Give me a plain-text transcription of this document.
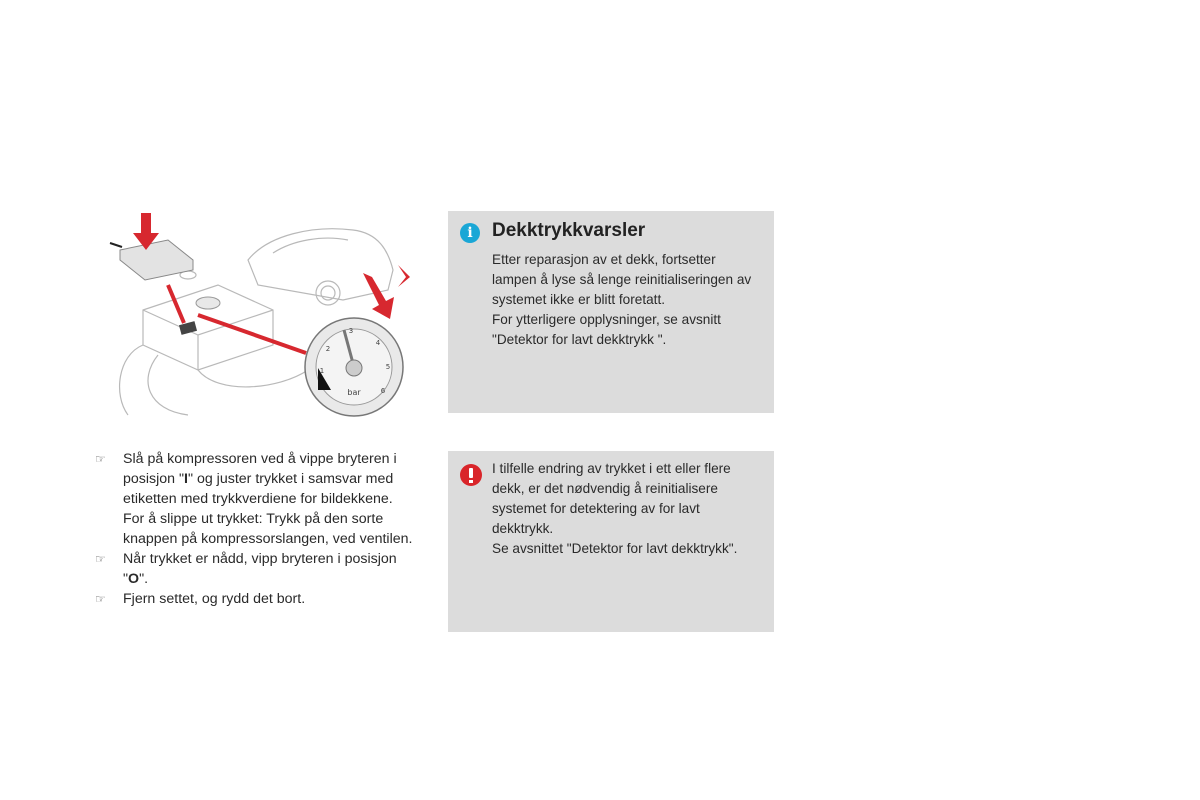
1
2
3
4
5
6
bar
☞ Slå på kompressoren ved å vippe bryteren i posisjon "I" og juster trykket i samsvar med etiketten med trykkverdiene for bildekkene.

For å slippe ut trykket: Trykk på den sorte knappen på kompressorslangen, ved ventilen.

☞ Når trykket er nådd, vipp bryteren i posisjon "O".

☞ Fjern settet, og rydd det bort.

i	Dekktrykkvarsler

Etter reparasjon av et dekk, fortsetter lampen å lyse så lenge reinitialiseringen av systemet ikke er blitt foretatt.

For ytterligere opplysninger, se avsnitt "Detektor for lavt dekktrykk ".

I tilfelle endring av trykket i ett eller flere dekk, er det nødvendig å reinitialisere systemet for detektering av for lavt dekktrykk.

Se avsnittet "Detektor for lavt dekktrykk".
